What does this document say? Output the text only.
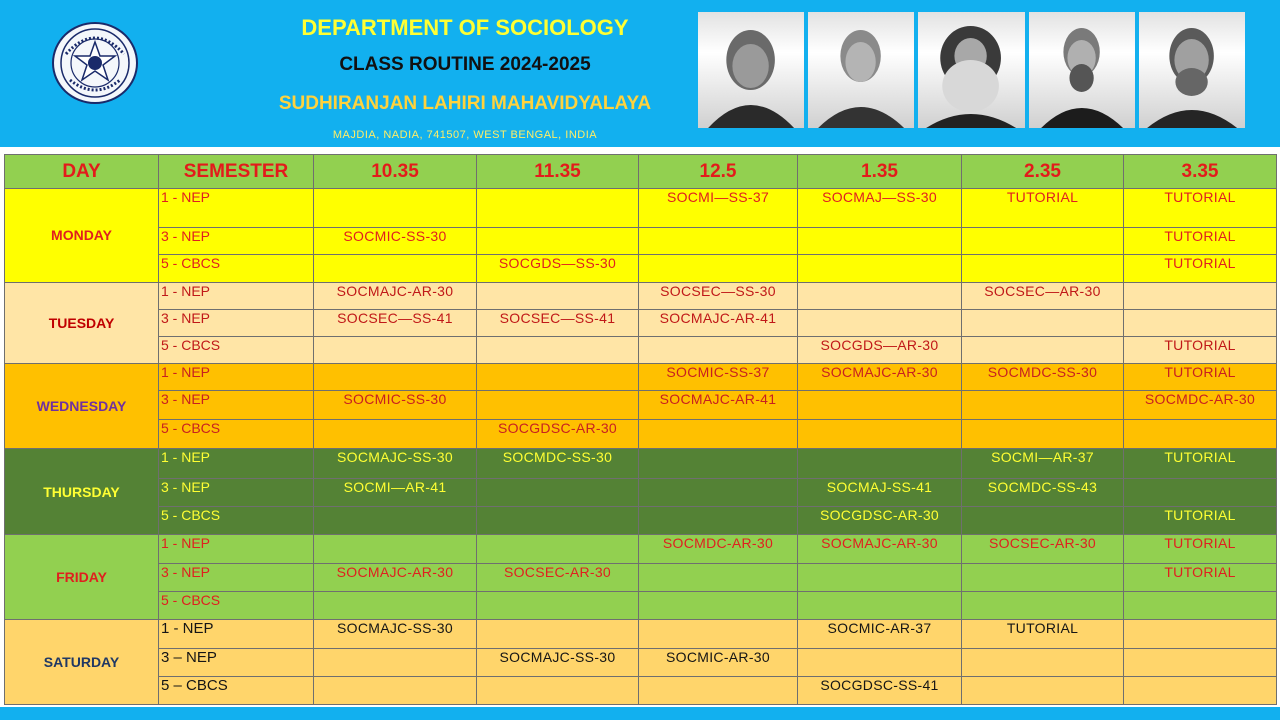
DEPARTMENT OF SOCIOLOGY
CLASS ROUTINE 2024-2025
SUDHIRANJAN LAHIRI MAHAVIDYALAYA
MAJDIA, NADIA, 741507, WEST BENGAL, INDIA
DAY	SEMESTER	10.35	11.35	12.5	1.35	2.35	3.35
MONDAY	1 - NEP			SOCMI—SS-37	SOCMAJ—SS-30	TUTORIAL	TUTORIAL
	3 - NEP	SOCMIC-SS-30					TUTORIAL
	5 - CBCS		SOCGDS—SS-30				TUTORIAL
TUESDAY	1 - NEP	SOCMAJC-AR-30		SOCSEC—SS-30		SOCSEC—AR-30	
	3 - NEP	SOCSEC—SS-41	SOCSEC—SS-41	SOCMAJC-AR-41			
	5 - CBCS				SOCGDS—AR-30		TUTORIAL
WEDNESDAY	1 - NEP			SOCMIC-SS-37	SOCMAJC-AR-30	SOCMDC-SS-30	TUTORIAL
	3 - NEP	SOCMIC-SS-30		SOCMAJC-AR-41			SOCMDC-AR-30
	5 - CBCS		SOCGDSC-AR-30				
THURSDAY	1 - NEP	SOCMAJC-SS-30	SOCMDC-SS-30			SOCMI—AR-37	TUTORIAL
	3 - NEP	SOCMI—AR-41			SOCMAJ-SS-41	SOCMDC-SS-43	
	5 - CBCS				SOCGDSC-AR-30		TUTORIAL
FRIDAY	1 - NEP			SOCMDC-AR-30	SOCMAJC-AR-30	SOCSEC-AR-30	TUTORIAL
	3 - NEP	SOCMAJC-AR-30	SOCSEC-AR-30				TUTORIAL
	5 - CBCS						
SATURDAY	1 - NEP	SOCMAJC-SS-30			SOCMIC-AR-37	TUTORIAL	
	3 – NEP		SOCMAJC-SS-30	SOCMIC-AR-30			
	5 – CBCS				SOCGDSC-SS-41		
